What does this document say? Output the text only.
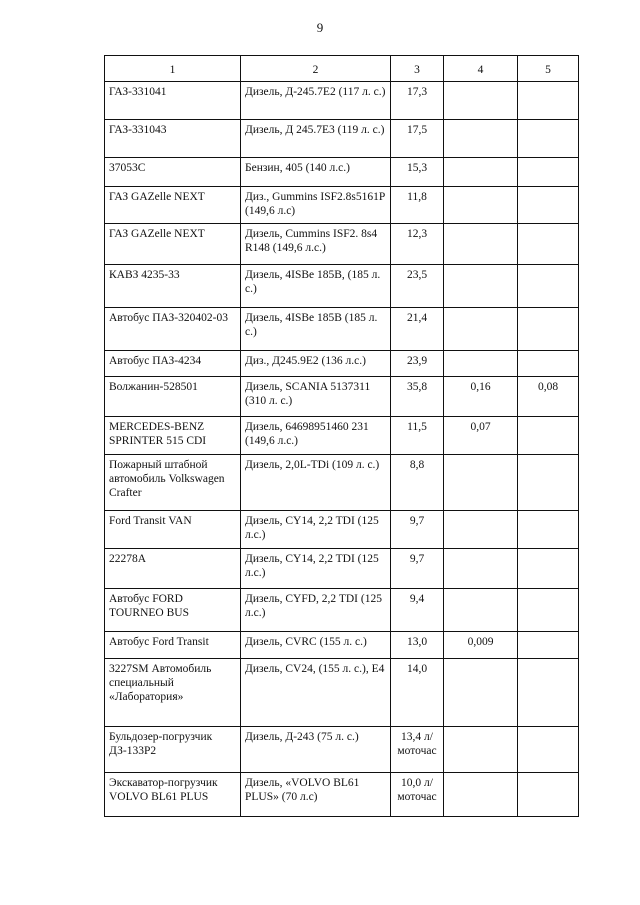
9
1	2	3	4	5
ГАЗ-331041	Дизель, Д-245.7Е2 (117 л. с.)	17,3		
ГАЗ-331043	Дизель, Д 245.7Е3 (119 л. с.)	17,5		
37053С	Бензин, 405 (140 л.с.)	15,3		
ГАЗ GAZelle NEXT	Диз., Gummins ISF2.8s5161P (149,6 л.с)	11,8		
ГАЗ GAZelle NEXT	Дизель, Cummins ISF2. 8s4 R148 (149,6 л.с.)	12,3		
КАВЗ 4235-33	Дизель, 4ISBe 185В, (185 л. с.)	23,5		
Автобус ПАЗ-320402-03	Дизель, 4ISBe 185В (185 л. с.)	21,4		
Автобус ПАЗ-4234	Диз., Д245.9Е2 (136 л.с.)	23,9		
Волжанин-528501	Дизель, SCANIA 5137311 (310 л. с.)	35,8	0,16	0,08
MERCEDES-BENZ SPRINTER 515 CDI	Дизель, 64698951460 231 (149,6 л.с.)	11,5	0,07	
Пожарный штабной автомобиль Volkswagen Crafter	Дизель, 2,0L-TDi (109 л. с.)	8,8		
Ford Transit VAN	Дизель, CY14, 2,2 TDI (125 л.с.)	9,7		
22278А	Дизель, CY14, 2,2 TDI (125 л.с.)	9,7		
Автобус FORD TOURNEO BUS	Дизель, CYFD, 2,2 TDI (125 л.с.)	9,4		
Автобус Ford Transit	Дизель, CVRC (155 л. с.)	13,0	0,009	
3227SM Автомобиль специальный «Лаборатория»	Дизель, CV24, (155 л. с.), E4	14,0		
Бульдозер-погрузчик ДЗ-133Р2	Дизель, Д-243 (75 л. с.)	13,4 л/ моточас		
Экскаватор-погрузчик VOLVO BL61 PLUS	Дизель, «VOLVO BL61 PLUS» (70 л.с)	10,0 л/ моточас		
